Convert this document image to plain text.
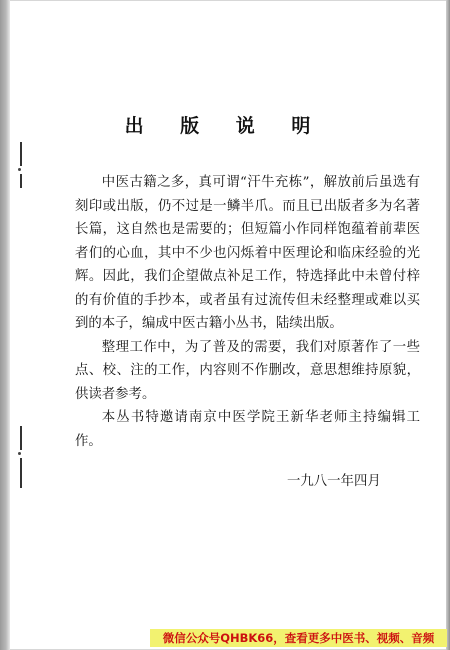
出 版 说 明

中医古籍之多，真可谓“汗牛充栋”，解放前后虽选有刻印或出版，仍不过是一鳞半爪。而且已出版者多为名著长篇，这自然也是需要的；但短篇小作同样饱蕴着前辈医者们的心血，其中不少也闪烁着中医理论和临床经验的光辉。因此，我们企望做点补足工作，特选择此中未曾付梓的有价值的手抄本，或者虽有过流传但未经整理或难以买到的本子，编成中医古籍小丛书，陆续出版。

整理工作中，为了普及的需要，我们对原著作了一些点、校、注的工作，内容则不作删改，意思想维持原貌，供读者参考。

本丛书特邀请南京中医学院王新华老师主持编辑工作。

一九八一年四月
微信公众号QHBK66，查看更多中医书、视频、音频
